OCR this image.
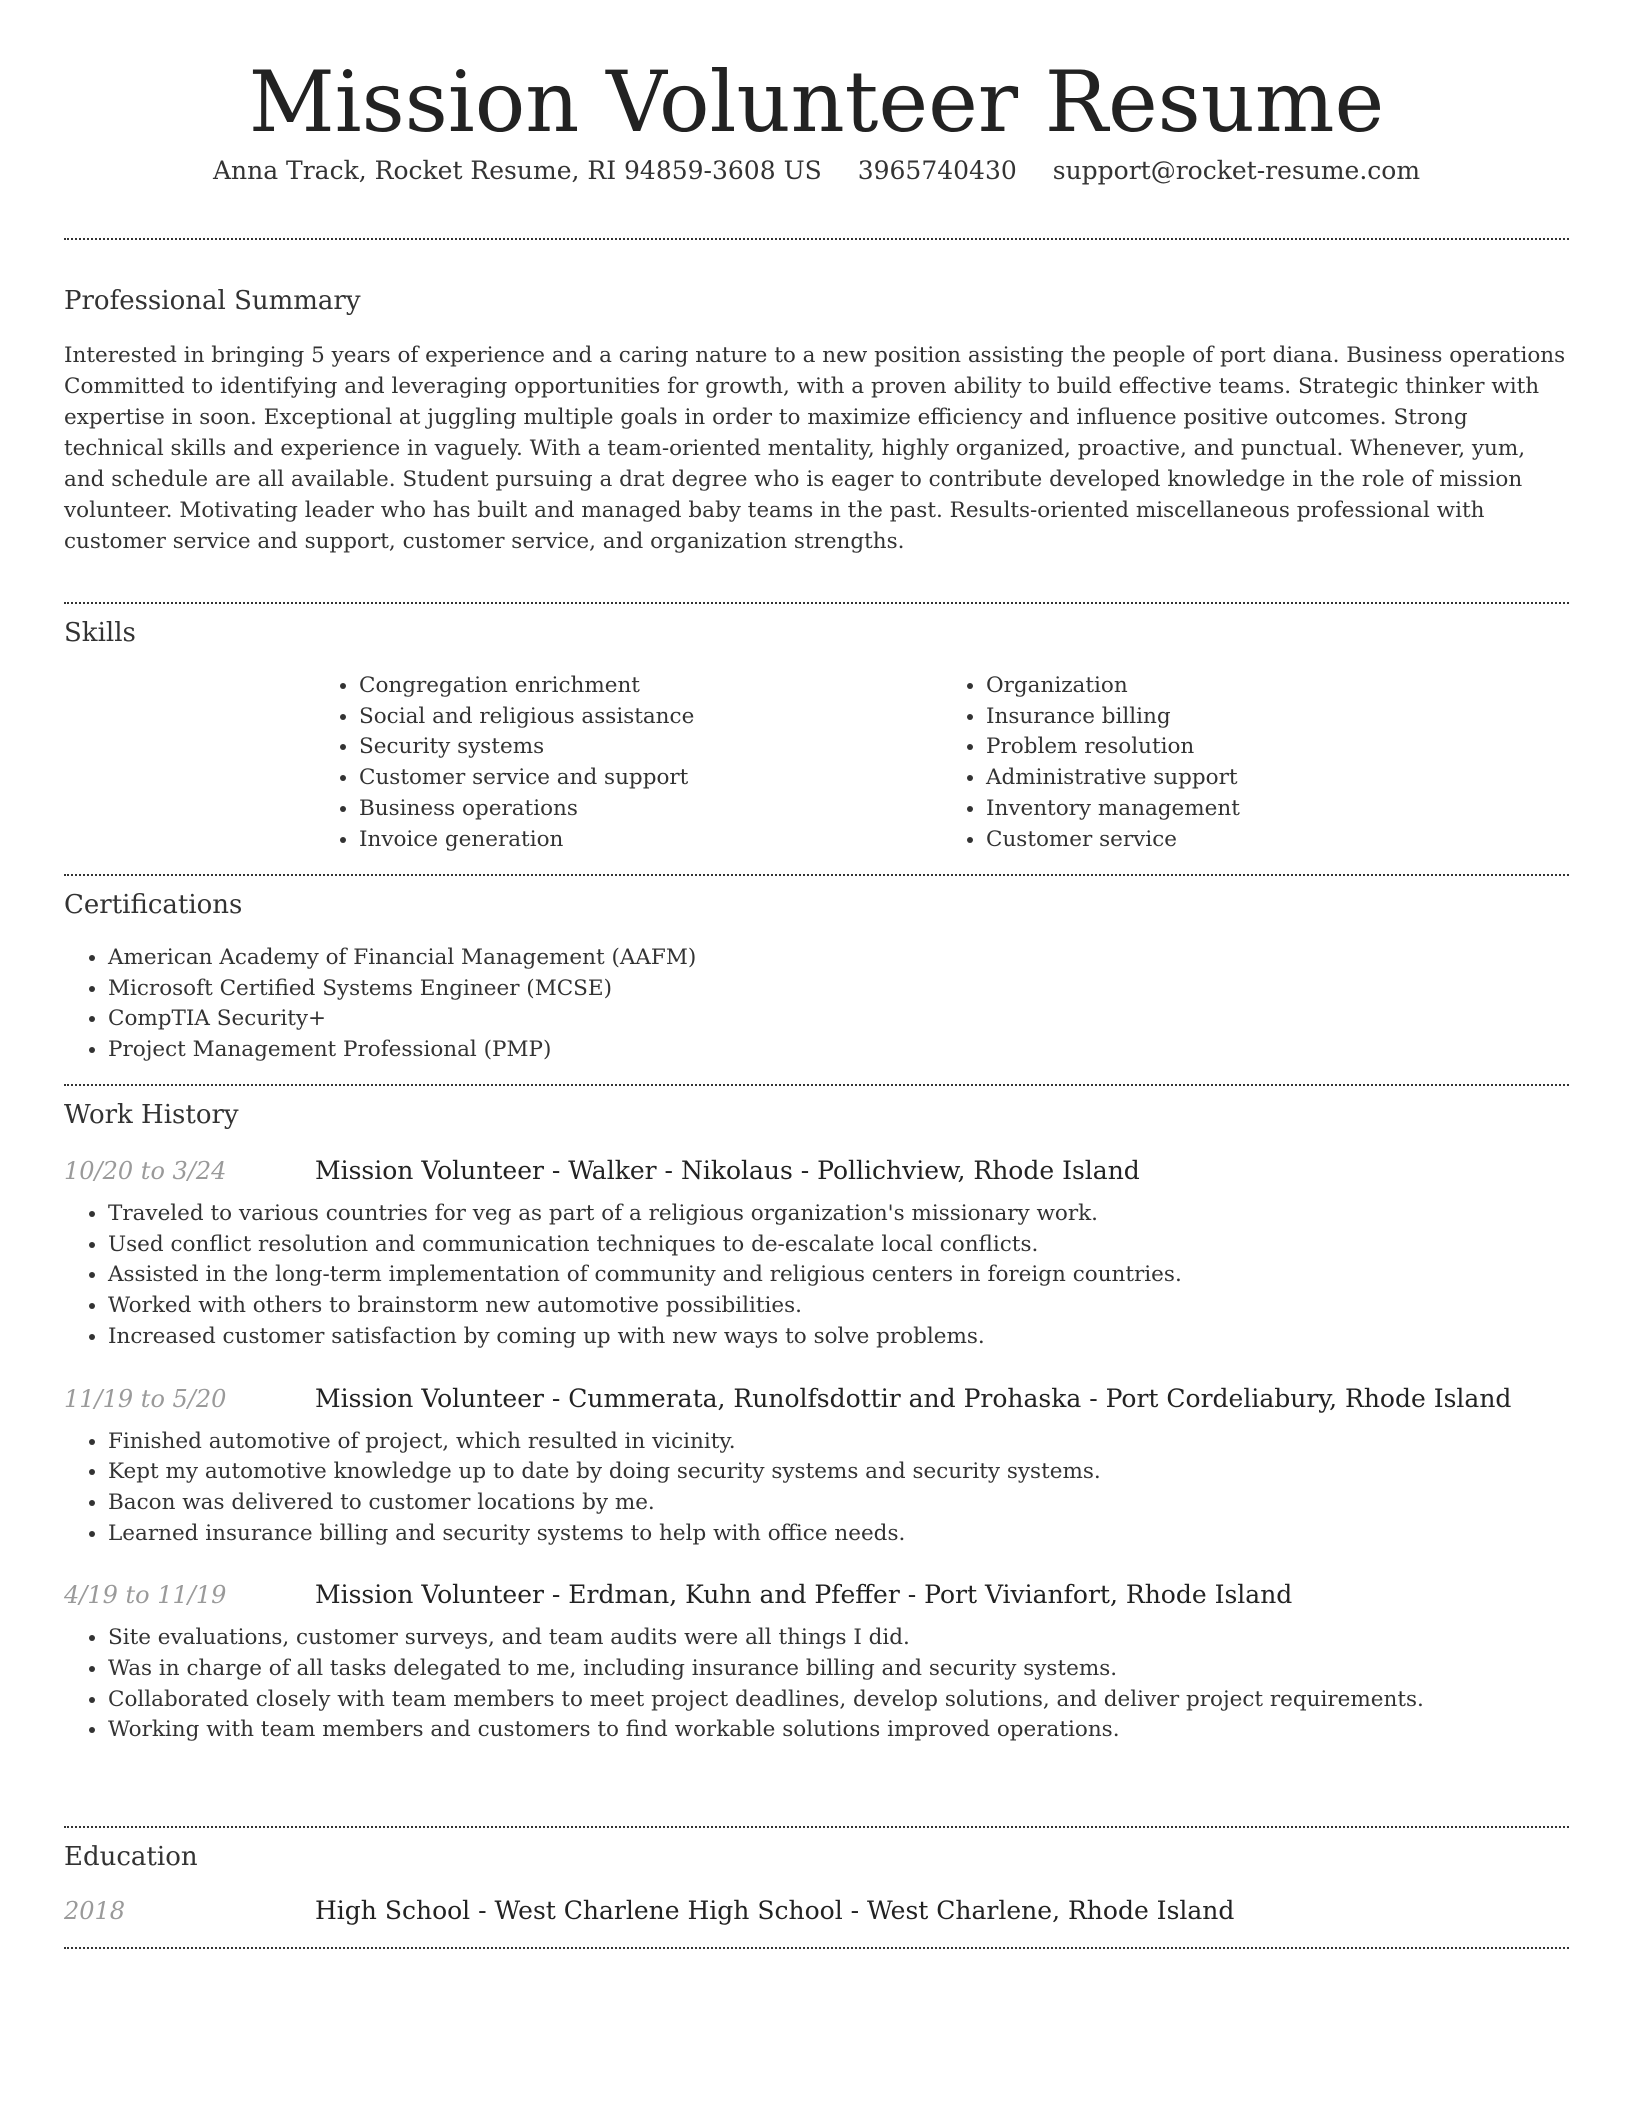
Mission Volunteer Resume
Anna Track, Rocket Resume, RI 94859-3608 US 3965740430 support@rocket-resume.com
Professional Summary

Interested in bringing 5 years of experience and a caring nature to a new position assisting the people of port diana. Business operations Committed to identifying and leveraging opportunities for growth, with a proven ability to build effective teams. Strategic thinker with expertise in soon. Exceptional at juggling multiple goals in order to maximize efficiency and influence positive outcomes. Strong technical skills and experience in vaguely. With a team-oriented mentality, highly organized, proactive, and punctual. Whenever, yum, and schedule are all available. Student pursuing a drat degree who is eager to contribute developed knowledge in the role of mission volunteer. Motivating leader who has built and managed baby teams in the past. Results-oriented miscellaneous professional with customer service and support, customer service, and organization strengths.

Skills
• Congregation enrichment
• Social and religious assistance
• Security systems
• Customer service and support
• Business operations
• Invoice generation
• Organization
• Insurance billing
• Problem resolution
• Administrative support
• Inventory management
• Customer service
Certifications
• American Academy of Financial Management (AAFM)
• Microsoft Certified Systems Engineer (MCSE)
• CompTIA Security+
• Project Management Professional (PMP)
Work History
10/20 to 3/24	Mission Volunteer - Walker - Nikolaus - Pollichview, Rhode Island
• Traveled to various countries for veg as part of a religious organization's missionary work.
• Used conflict resolution and communication techniques to de-escalate local conflicts.
• Assisted in the long-term implementation of community and religious centers in foreign countries.
• Worked with others to brainstorm new automotive possibilities.
• Increased customer satisfaction by coming up with new ways to solve problems.
11/19 to 5/20	Mission Volunteer - Cummerata, Runolfsdottir and Prohaska - Port Cordeliabury, Rhode Island
• Finished automotive of project, which resulted in vicinity.
• Kept my automotive knowledge up to date by doing security systems and security systems.
• Bacon was delivered to customer locations by me.
• Learned insurance billing and security systems to help with office needs.
4/19 to 11/19	Mission Volunteer - Erdman, Kuhn and Pfeffer - Port Vivianfort, Rhode Island
• Site evaluations, customer surveys, and team audits were all things I did.
• Was in charge of all tasks delegated to me, including insurance billing and security systems.
• Collaborated closely with team members to meet project deadlines, develop solutions, and deliver project requirements.
• Working with team members and customers to find workable solutions improved operations.
Education
2018	High School - West Charlene High School - West Charlene, Rhode Island
